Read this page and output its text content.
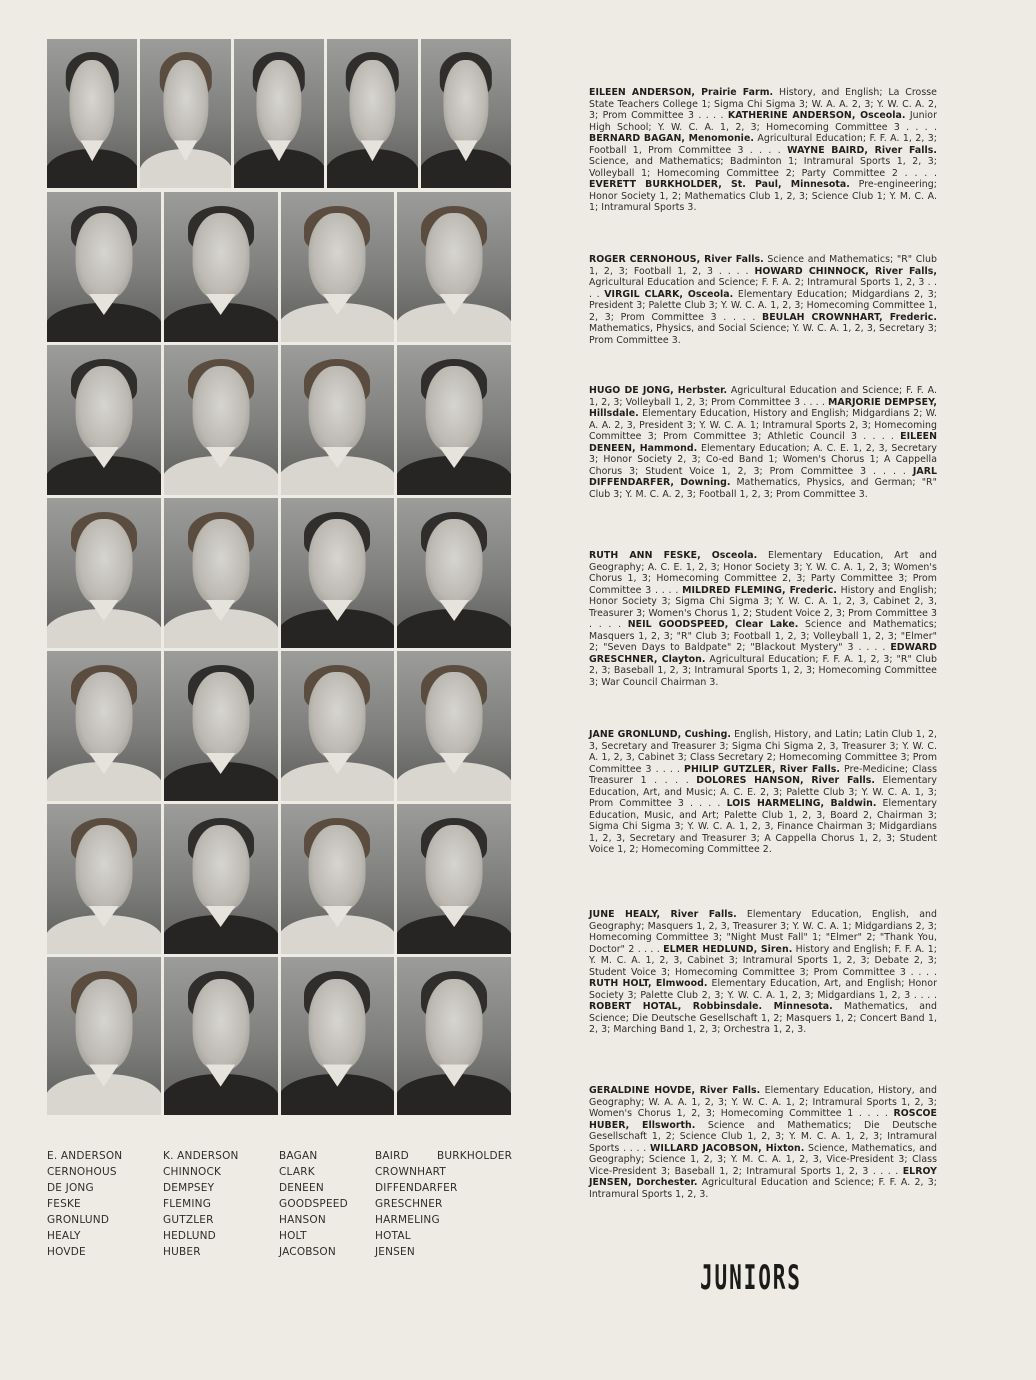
E. ANDERSON
CERNOHOUS
DE JONG
FESKE
GRONLUND
HEALY
HOVDE
K. ANDERSON
CHINNOCK
DEMPSEY
FLEMING
GUTZLER
HEDLUND
HUBER
BAGAN
CLARK
DENEEN
GOODSPEED
HANSON
HOLT
JACOBSON
BAIRD
CROWNHART
DIFFENDARFER
GRESCHNER
HARMELING
HOTAL
JENSEN
BURKHOLDER
EILEEN ANDERSON, Prairie Farm. History, and English; La Crosse State Teachers College 1; Sigma Chi Sigma 3; W. A. A. 2, 3; Y. W. C. A. 2, 3; Prom Committee 3 . . . . KATHERINE ANDERSON, Osceola. Junior High School; Y. W. C. A. 1, 2, 3; Homecoming Committee 3 . . . . BERNARD BAGAN, Menomonie. Agricultural Education; F. F. A. 1, 2, 3; Football 1, Prom Committee 3 . . . . WAYNE BAIRD, River Falls. Science, and Mathematics; Badminton 1; Intramural Sports 1, 2, 3; Volleyball 1; Homecoming Committee 2; Party Committee 2 . . . . EVERETT BURKHOLDER, St. Paul, Minnesota. Pre-engineering; Honor Society 1, 2; Mathematics Club 1, 2, 3; Science Club 1; Y. M. C. A. 1; Intramural Sports 3.
ROGER CERNOHOUS, River Falls. Science and Mathematics; "R" Club 1, 2, 3; Football 1, 2, 3 . . . . HOWARD CHINNOCK, River Falls, Agricultural Education and Science; F. F. A. 2; Intramural Sports 1, 2, 3 . . . . VIRGIL CLARK, Osceola. Elementary Education; Midgardians 2, 3; President 3; Palette Club 3; Y. W. C. A. 1, 2, 3; Homecoming Committee 1, 2, 3; Prom Committee 3 . . . . BEULAH CROWNHART, Frederic. Mathematics, Physics, and Social Science; Y. W. C. A. 1, 2, 3, Secretary 3; Prom Committee 3.
HUGO DE JONG, Herbster. Agricultural Education and Science; F. F. A. 1, 2, 3; Volleyball 1, 2, 3; Prom Committee 3 . . . . MARJORIE DEMPSEY, Hillsdale. Elementary Education, History and English; Midgardians 2; W. A. A. 2, 3, President 3; Y. W. C. A. 1; Intramural Sports 2, 3; Homecoming Committee 3; Prom Committee 3; Athletic Council 3 . . . . EILEEN DENEEN, Hammond. Elementary Education; A. C. E. 1, 2, 3, Secretary 3; Honor Society 2, 3; Co-ed Band 1; Women's Chorus 1; A Cappella Chorus 3; Student Voice 1, 2, 3; Prom Committee 3 . . . . JARL DIFFENDARFER, Downing. Mathematics, Physics, and German; "R" Club 3; Y. M. C. A. 2, 3; Football 1, 2, 3; Prom Committee 3.
RUTH ANN FESKE, Osceola. Elementary Education, Art and Geography; A. C. E. 1, 2, 3; Honor Society 3; Y. W. C. A. 1, 2, 3; Women's Chorus 1, 3; Homecoming Committee 2, 3; Party Committee 3; Prom Committee 3 . . . . MILDRED FLEMING, Frederic. History and English; Honor Society 3; Sigma Chi Sigma 3; Y. W. C. A. 1, 2, 3, Cabinet 2, 3, Treasurer 3; Women's Chorus 1, 2; Student Voice 2, 3; Prom Committee 3 . . . . NEIL GOODSPEED, Clear Lake. Science and Mathematics; Masquers 1, 2, 3; "R" Club 3; Football 1, 2, 3; Volleyball 1, 2, 3; "Elmer" 2; "Seven Days to Baldpate" 2; "Blackout Mystery" 3 . . . . EDWARD GRESCHNER, Clayton. Agricultural Education; F. F. A. 1, 2, 3; "R" Club 2, 3; Baseball 1, 2, 3; Intramural Sports 1, 2, 3; Homecoming Committee 3; War Council Chairman 3.
JANE GRONLUND, Cushing. English, History, and Latin; Latin Club 1, 2, 3, Secretary and Treasurer 3; Sigma Chi Sigma 2, 3, Treasurer 3; Y. W. C. A. 1, 2, 3, Cabinet 3; Class Secretary 2; Homecoming Committee 3; Prom Committee 3 . . . . PHILIP GUTZLER, River Falls. Pre-Medicine; Class Treasurer 1 . . . . DOLORES HANSON, River Falls. Elementary Education, Art, and Music; A. C. E. 2, 3; Palette Club 3; Y. W. C. A. 1, 3; Prom Committee 3 . . . . LOIS HARMELING, Baldwin. Elementary Education, Music, and Art; Palette Club 1, 2, 3, Board 2, Chairman 3; Sigma Chi Sigma 3; Y. W. C. A. 1, 2, 3, Finance Chairman 3; Midgardians 1, 2, 3, Secretary and Treasurer 3; A Cappella Chorus 1, 2, 3; Student Voice 1, 2; Homecoming Committee 2.
JUNE HEALY, River Falls. Elementary Education, English, and Geography; Masquers 1, 2, 3, Treasurer 3; Y. W. C. A. 1; Midgardians 2, 3; Homecoming Committee 3; "Night Must Fall" 1; "Elmer" 2; "Thank You, Doctor" 2 . . . . ELMER HEDLUND, Siren. History and English; F. F. A. 1; Y. M. C. A. 1, 2, 3, Cabinet 3; Intramural Sports 1, 2, 3; Debate 2, 3; Student Voice 3; Homecoming Committee 3; Prom Committee 3 . . . . RUTH HOLT, Elmwood. Elementary Education, Art, and English; Honor Society 3; Palette Club 2, 3; Y. W. C. A. 1, 2, 3; Midgardians 1, 2, 3 . . . . ROBERT HOTAL, Robbinsdale. Minnesota. Mathematics, and Science; Die Deutsche Gesellschaft 1, 2; Masquers 1, 2; Concert Band 1, 2, 3; Marching Band 1, 2, 3; Orchestra 1, 2, 3.
GERALDINE HOVDE, River Falls. Elementary Education, History, and Geography; W. A. A. 1, 2, 3; Y. W. C. A. 1, 2; Intramural Sports 1, 2, 3; Women's Chorus 1, 2, 3; Homecoming Committee 1 . . . . ROSCOE HUBER, Ellsworth. Science and Mathematics; Die Deutsche Gesellschaft 1, 2; Science Club 1, 2, 3; Y. M. C. A. 1, 2, 3; Intramural Sports . . . . WILLARD JACOBSON, Hixton. Science, Mathematics, and Geography; Science 1, 2, 3; Y. M. C. A. 1, 2, 3, Vice-President 3; Class Vice-President 3; Baseball 1, 2; Intramural Sports 1, 2, 3 . . . . ELROY JENSEN, Dorchester. Agricultural Education and Science; F. F. A. 2, 3; Intramural Sports 1, 2, 3.
JUNIORS
